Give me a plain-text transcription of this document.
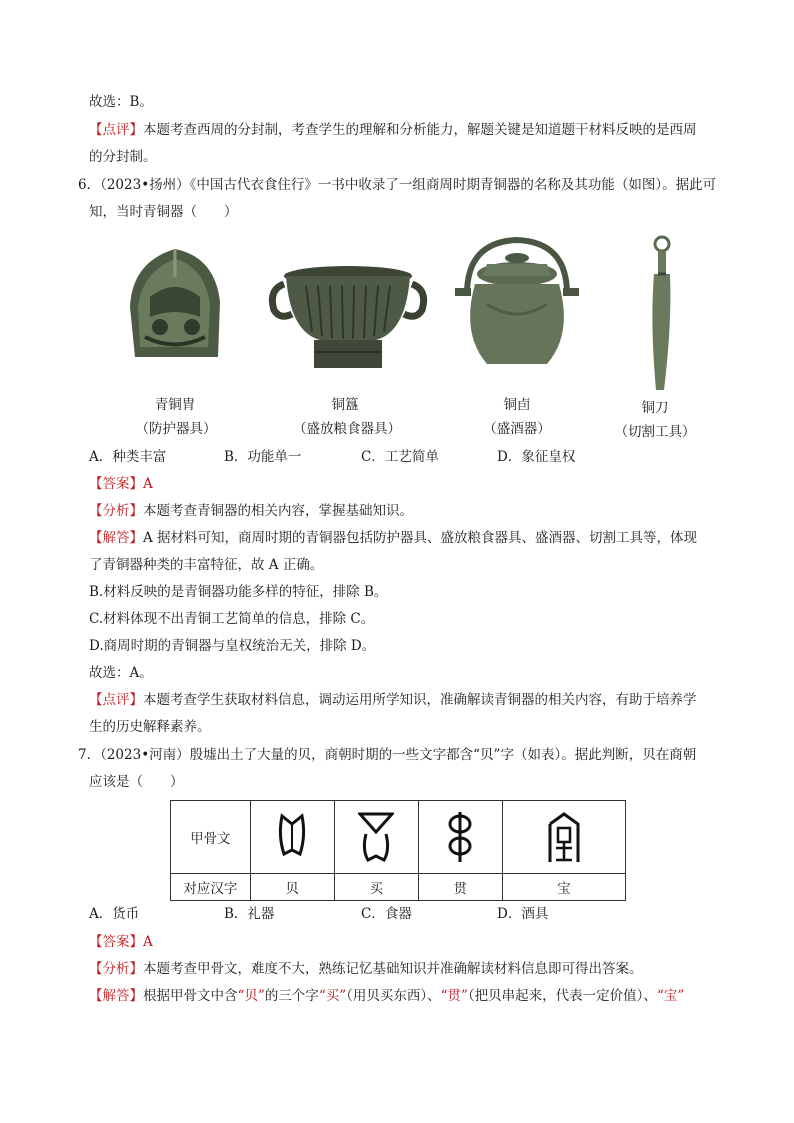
故选：B。
【点评】本题考查西周的分封制，考查学生的理解和分析能力，解题关键是知道题干材料反映的是西周
的分封制。
6．（2023•扬州）《中国古代衣食住行》一书中收录了一组商周时期青铜器的名称及其功能（如图）。据此可
知，当时青铜器（　　）
青铜胄
（防护器具）
铜簋
（盛放粮食器具）
铜卣
（盛酒器）
铜刀
（切割工具）
A．种类丰富	B．功能单一	C．工艺简单	D．象征皇权
【答案】A
【分析】本题考查青铜器的相关内容，掌握基础知识。
【解答】A 据材料可知，商周时期的青铜器包括防护器具、盛放粮食器具、盛酒器、切割工具等，体现
了青铜器种类的丰富特征，故 A 正确。
B.材料反映的是青铜器功能多样的特征，排除 B。
C.材料体现不出青铜工艺简单的信息，排除 C。
D.商周时期的青铜器与皇权统治无关，排除 D。
故选：A。
【点评】本题考查学生获取材料信息，调动运用所学知识，准确解读青铜器的相关内容，有助于培养学
生的历史解释素养。
7．（2023•河南）殷墟出土了大量的贝，商朝时期的一些文字都含“贝”字（如表）。据此判断，贝在商朝
应该是（　　）
甲骨文				
对应汉字	贝	买	贯	宝
A．货币	B．礼器	C．食器	D．酒具
【答案】A
【分析】本题考查甲骨文，难度不大，熟练记忆基础知识并准确解读材料信息即可得出答案。
【解答】根据甲骨文中含“贝”的三个字“买”（用贝买东西）、“贯”（把贝串起来，代表一定价值）、“宝”
